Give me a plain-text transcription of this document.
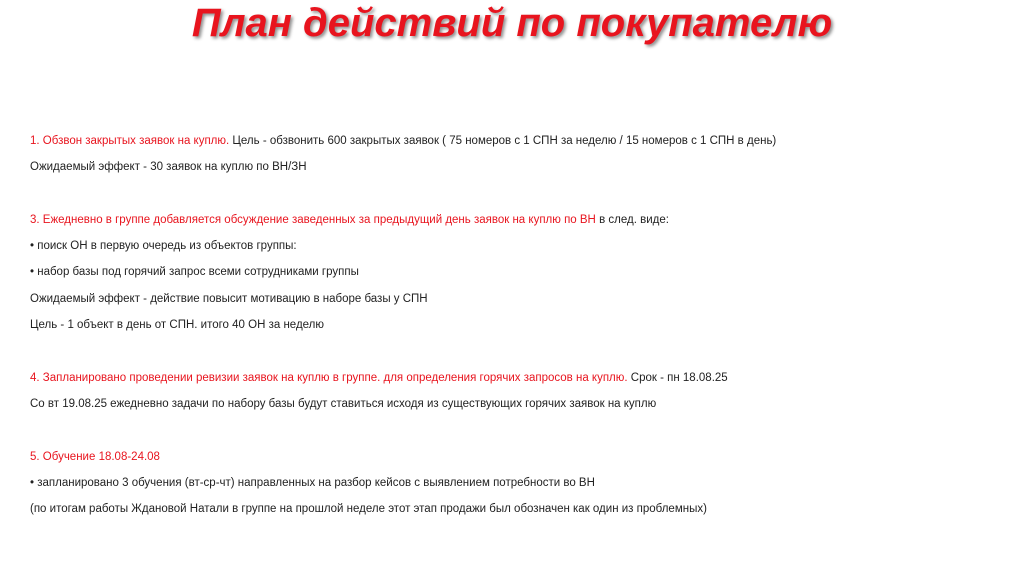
План действий по покупателю

1. Обзвон закрытых заявок на куплю. Цель - обзвонить 600 закрытых заявок ( 75 номеров с 1 СПН за неделю / 15 номеров с 1 СПН в день)

Ожидаемый эффект - 30 заявок на куплю по ВН/ЗН

3. Ежедневно в группе добавляется обсуждение заведенных за предыдущий день заявок на куплю по ВН в след. виде:

• поиск ОН в первую очередь из объектов группы:

• набор базы под горячий запрос всеми сотрудниками группы

Ожидаемый эффект - действие повысит мотивацию в наборе базы у СПН

Цель - 1 объект в день от СПН. итого 40 ОН за неделю

4. Запланировано проведении ревизии заявок на куплю в группе. для определения горячих запросов на куплю. Срок - пн 18.08.25

Со вт 19.08.25 ежедневно задачи по набору базы будут ставиться исходя из существующих горячих заявок на куплю

5. Обучение 18.08-24.08

• запланировано 3 обучения (вт-ср-чт) направленных на разбор кейсов с выявлением потребности во ВН

(по итогам работы Ждановой Натали в группе на прошлой неделе этот этап продажи был обозначен как один из проблемных)
